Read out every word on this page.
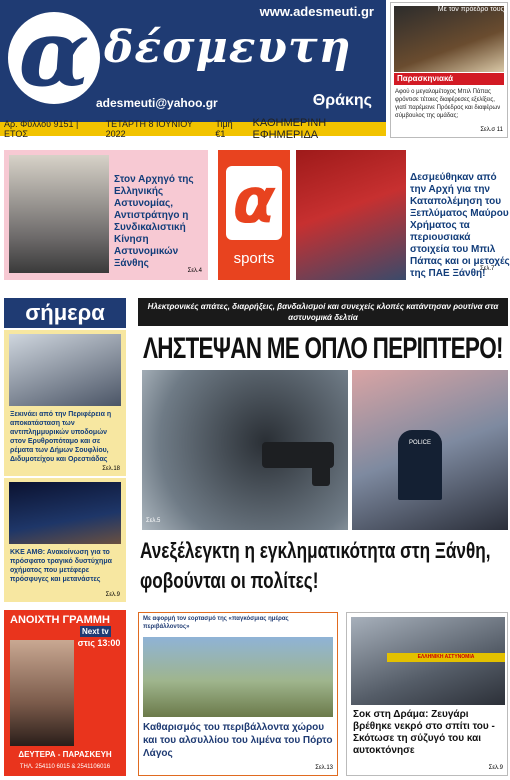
www.adesmeuti.gr
α δέσμευτη
adesmeuti@yahoo.gr	Θράκης
Αρ. Φύλλου 9151 | ΕΤΟΣ
ΤΕΤΑΡΤΗ 8 ΙΟΥΝΙΟΥ 2022
Τιμή €1
ΚΑΘΗΜΕΡΙΝΗ ΕΦΗΜΕΡΙΔΑ
Με τον πρόεδρο τους
Παρασκηνιακά

Αφού ο μεγαλομέτοχος Μπιλ Πάπας φρόντισε τέτοιες διαφέρεσες εξελίξεις, γιατί παρέμεινε Πρόεδρος και διαφέρων σύμβουλος της ομάδας;

Σελ.σ 11

Στον Αρχηγό της Ελληνικής Αστυνομίας, Αντιστράτηγο η Συνδικαλιστική Κίνηση Αστυνομικών Ξάνθης

Σελ.4
α
sports

Δεσμεύθηκαν από την Αρχή για την Καταπολέμηση του Ξεπλύματος Μαύρου Χρήματος τα περιουσιακά στοιχεία του Μπιλ Πάπας και οι μετοχές της ΠΑΕ Ξάνθη!

Σελ.7
σήμερα

Ξεκινάει από την Περιφέρεια η αποκατάσταση των αντιπλημμυρικών υποδομών στον Ερυθροπόταμο και σε ρέματα των Δήμων Σουφλίου, Διδυμοτείχου και Ορεστιάδας

Σελ.18

ΚΚΕ ΑΜΘ: Ανακοίνωση για το πρόσφατο τραγικό δυστύχημα οχήματος που μετέφερε πρόσφυγες και μετανάστες

Σελ.9
ΑΝΟΙΧΤΗ ΓΡΑΜΜΗ
Next tv
στις 13:00
ΔΕΥΤΕΡΑ - ΠΑΡΑΣΚΕΥΗ
ΤΗΛ. 254110 6015 & 2541106016
Ηλεκτρονικές απάτες, διαρρήξεις, βανδαλισμοί και συνεχείς κλοπές κατάντησαν ρουτίνα στα αστυνομικά δελτία
ΛΗΣΤΕΨΑΝ ΜΕ ΟΠΛΟ ΠΕΡΙΠΤΕΡΟ!
Σελ.5
POLICE
Ανεξέλεγκτη η εγκληματικότητα στη Ξάνθη, φοβούνται οι πολίτες!

Με αφορμή τον εορτασμό της «παγκόσμιας ημέρας περιβάλλοντος»

Καθαρισμός του περιβάλλοντα χώρου και του αλσυλλίου του λιμένα του Πόρτο Λάγος

Σελ.13
ΕΛΛΗΝΙΚΗ ΑΣΤΥΝΟΜΙΑ

Σοκ στη Δράμα: Ζευγάρι βρέθηκε νεκρό στο σπίτι του - Σκότωσε τη σύζυγό του και αυτοκτόνησε

Σελ.9
